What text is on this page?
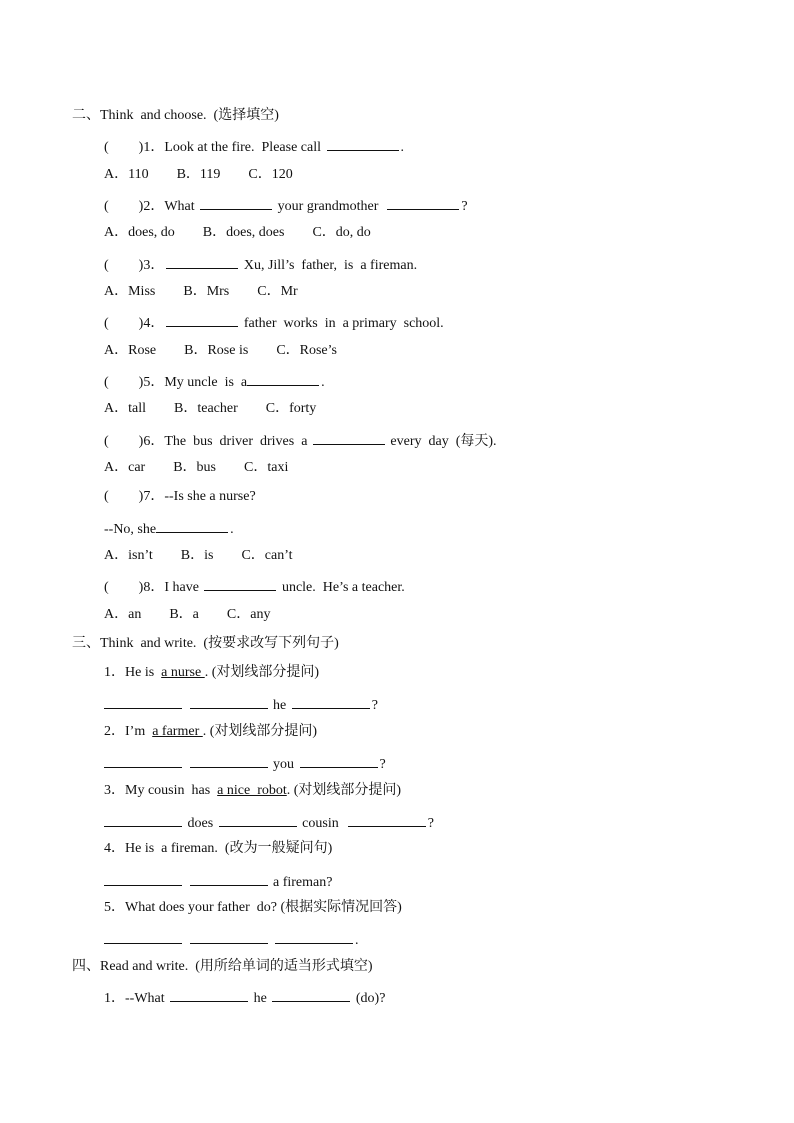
二、Think  and choose.  (选择填空)
( )1．Look at the fire.  Please call	.
A．110 B．119 C．120
( )2．What	your grandmother	?
A．does, do B．does, does C．do, do
( )3．	Xu, Jill’s  father,  is  a fireman.
A．Miss B．Mrs C．Mr
( )4．	father  works  in  a primary  school.
A．Rose B．Rose is C．Rose’s
( )5．My uncle  is  a	.
A．tall B．teacher C．forty
( )6．The  bus  driver  drives  a	every  day  (每天).
A．car B．bus C．taxi
( )7．--Is she a nurse?
--No, she	.
A．isn’t B．is C．can’t
( )8．I have	uncle.  He’s a teacher.
A．an B．a C．any
三、Think  and write.  (按要求改写下列句子)
1．He is  a nurse . (对划线部分提问)
he	?
2．I’m  a farmer . (对划线部分提问)
you	?
3．My cousin  has  a nice  robot. (对划线部分提问)
does	cousin	?
4．He is  a fireman.  (改为一般疑问句)
a fireman?
5．What does your father  do? (根据实际情况回答)
.
四、Read and write.  (用所给单词的适当形式填空)
1．--What	he	(do)?
